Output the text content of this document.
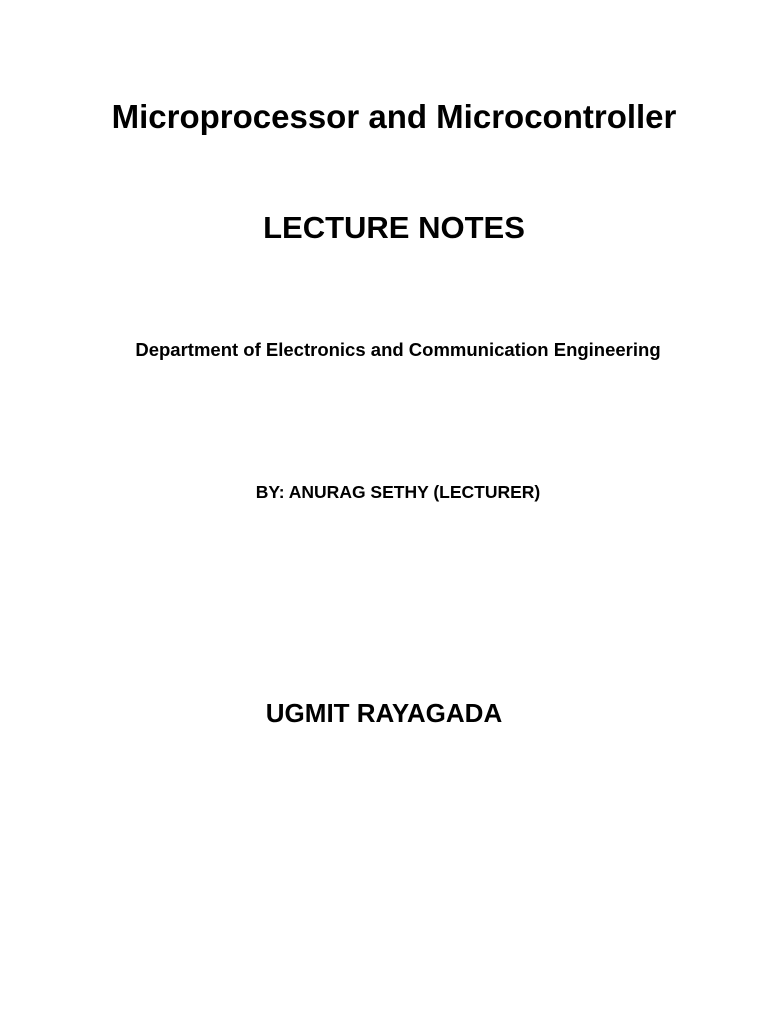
Microprocessor and Microcontroller
LECTURE NOTES
Department of Electronics and Communication Engineering
BY: ANURAG SETHY (LECTURER)
UGMIT RAYAGADA
